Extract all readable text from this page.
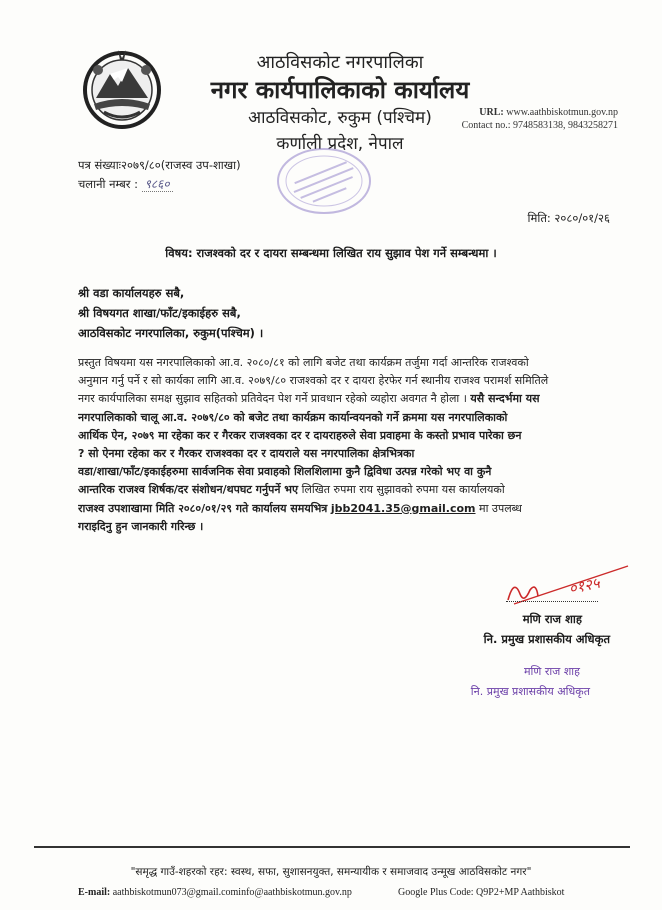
आठविसकोट नगरपालिका
नगर कार्यपालिकाको कार्यालय
आठविसकोट, रुकुम (पश्चिम)
कर्णाली प्रदेश, नेपाल
URL: www.aathbiskotmun.gov.np
Contact no.: 9748583138, 9843258271
पत्र संख्याः२०७९/८०(राजस्व उप-शाखा)
चलानी नम्बर : ९८६०
मिति: २०८०/०१/२६
विषय: राजश्वको दर र दायरा सम्बन्धमा लिखित राय सुझाव पेश गर्ने सम्बन्धमा ।
श्री वडा कार्यालयहरु सबै,
श्री विषयगत शाखा/फाँट/इकाईहरु सबै,
आठविसकोट नगरपालिका, रुकुम(पश्चिम) ।
प्रस्तुत विषयमा यस नगरपालिकाको आ.व. २०८०/८१ को लागि बजेट तथा कार्यक्रम तर्जुमा गर्दा आन्तरिक राजश्वको
अनुमान गर्नु पर्ने र सो कार्यका लागि आ.व. २०७९/८० राजश्वको दर र दायरा हेरफेर गर्न स्थानीय राजश्व परामर्श समितिले
नगर कार्यपालिका समक्ष सुझाव सहितको प्रतिवेदन पेश गर्ने प्रावधान रहेको व्यहोरा अवगत नै होला । यसै सन्दर्भमा यस
नगरपालिकाको चालू आ.व. २०७९/८० को बजेट तथा कार्यक्रम कार्यान्वयनको गर्ने क्रममा यस नगरपालिकाको
आर्थिक ऐन, २०७९ मा रहेका कर र गैरकर राजश्वका दर र दायराहरुले सेवा प्रवाहमा के कस्तो प्रभाव पारेका छन
? सो ऐनमा रहेका कर र गैरकर राजश्वका दर र दायराले यस नगरपालिका क्षेत्रभित्रका
वडा/शाखा/फाँट/इकाईहरुमा सार्वजनिक सेवा प्रवाहको शिलशिलामा कुनै द्विविधा उत्पन्न गरेको भए वा कुनै
आन्तरिक राजश्व शिर्षक/दर संशोधन/थपघट गर्नुपर्ने भए लिखित रुपमा राय सुझावको रुपमा यस कार्यालयको
राजश्व उपशाखामा मिति २०८०/०१/२९ गते कार्यालय समयभित्र jbb2041.35@gmail.com मा उपलब्ध
गराइदिनु हुन जानकारी गरिन्छ ।
०१२५
मणि राज शाह
नि. प्रमुख प्रशासकीय अधिकृत
मणि राज शाह
नि. प्रमुख प्रशासकीय अधिकृत
"समृद्ध गाउँ-शहरको रहर: स्वस्थ, सफा, सुशासनयुक्त, समन्यायीक र समाजवाद उन्मूख आठविसकोट नगर"
E-mail: aathbiskotmun073@gmail.cominfo@aathbiskotmun.gov.np	Google Plus Code: Q9P2+MP Aathbiskot
